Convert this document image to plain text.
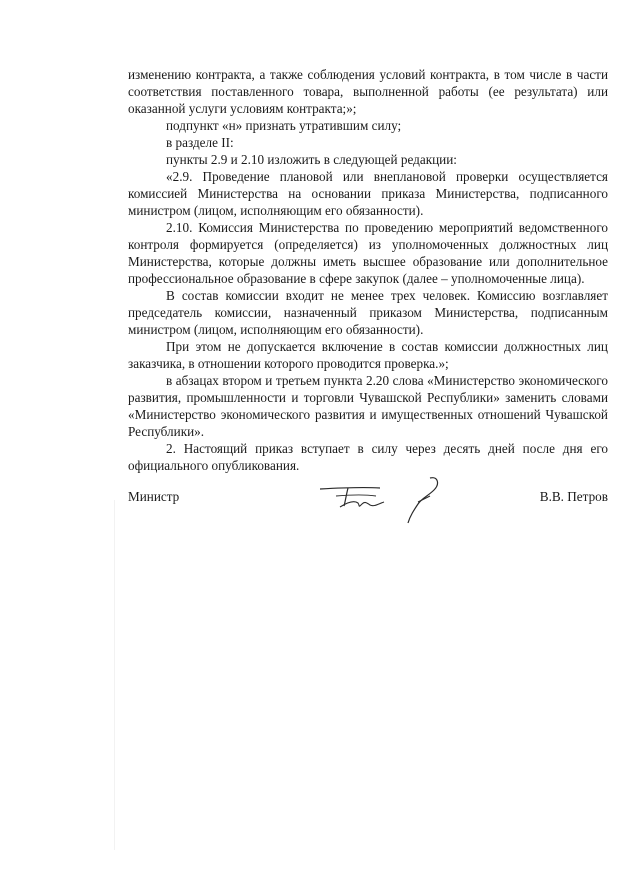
изменению контракта, а также соблюдения условий контракта, в том числе в части соответствия поставленного товара, выполненной работы (ее результата) или оказанной услуги условиям контракта;»;

подпункт «н» признать утратившим силу;

в разделе II:

пункты 2.9 и 2.10 изложить в следующей редакции:

«2.9. Проведение плановой или внеплановой проверки осуществляется комиссией Министерства на основании приказа Министерства, подписанного министром (лицом, исполняющим его обязанности).

2.10. Комиссия Министерства по проведению мероприятий ведомственного контроля формируется (определяется) из уполномоченных должностных лиц Министерства, которые должны иметь высшее образование или дополнительное профессиональное образование в сфере закупок (далее – уполномоченные лица).

В состав комиссии входит не менее трех человек. Комиссию возглавляет председатель комиссии, назначенный приказом Министерства, подписанным министром (лицом, исполняющим его обязанности).

При этом не допускается включение в состав комиссии должностных лиц заказчика, в отношении которого проводится проверка.»;

в абзацах втором и третьем пункта 2.20 слова «Министерство экономического развития, промышленности и торговли Чувашской Республики» заменить словами «Министерство экономического развития и имущественных отношений Чувашской Республики».

2. Настоящий приказ вступает в силу через десять дней после дня его официального опубликования.

Министр	В.В. Петров
